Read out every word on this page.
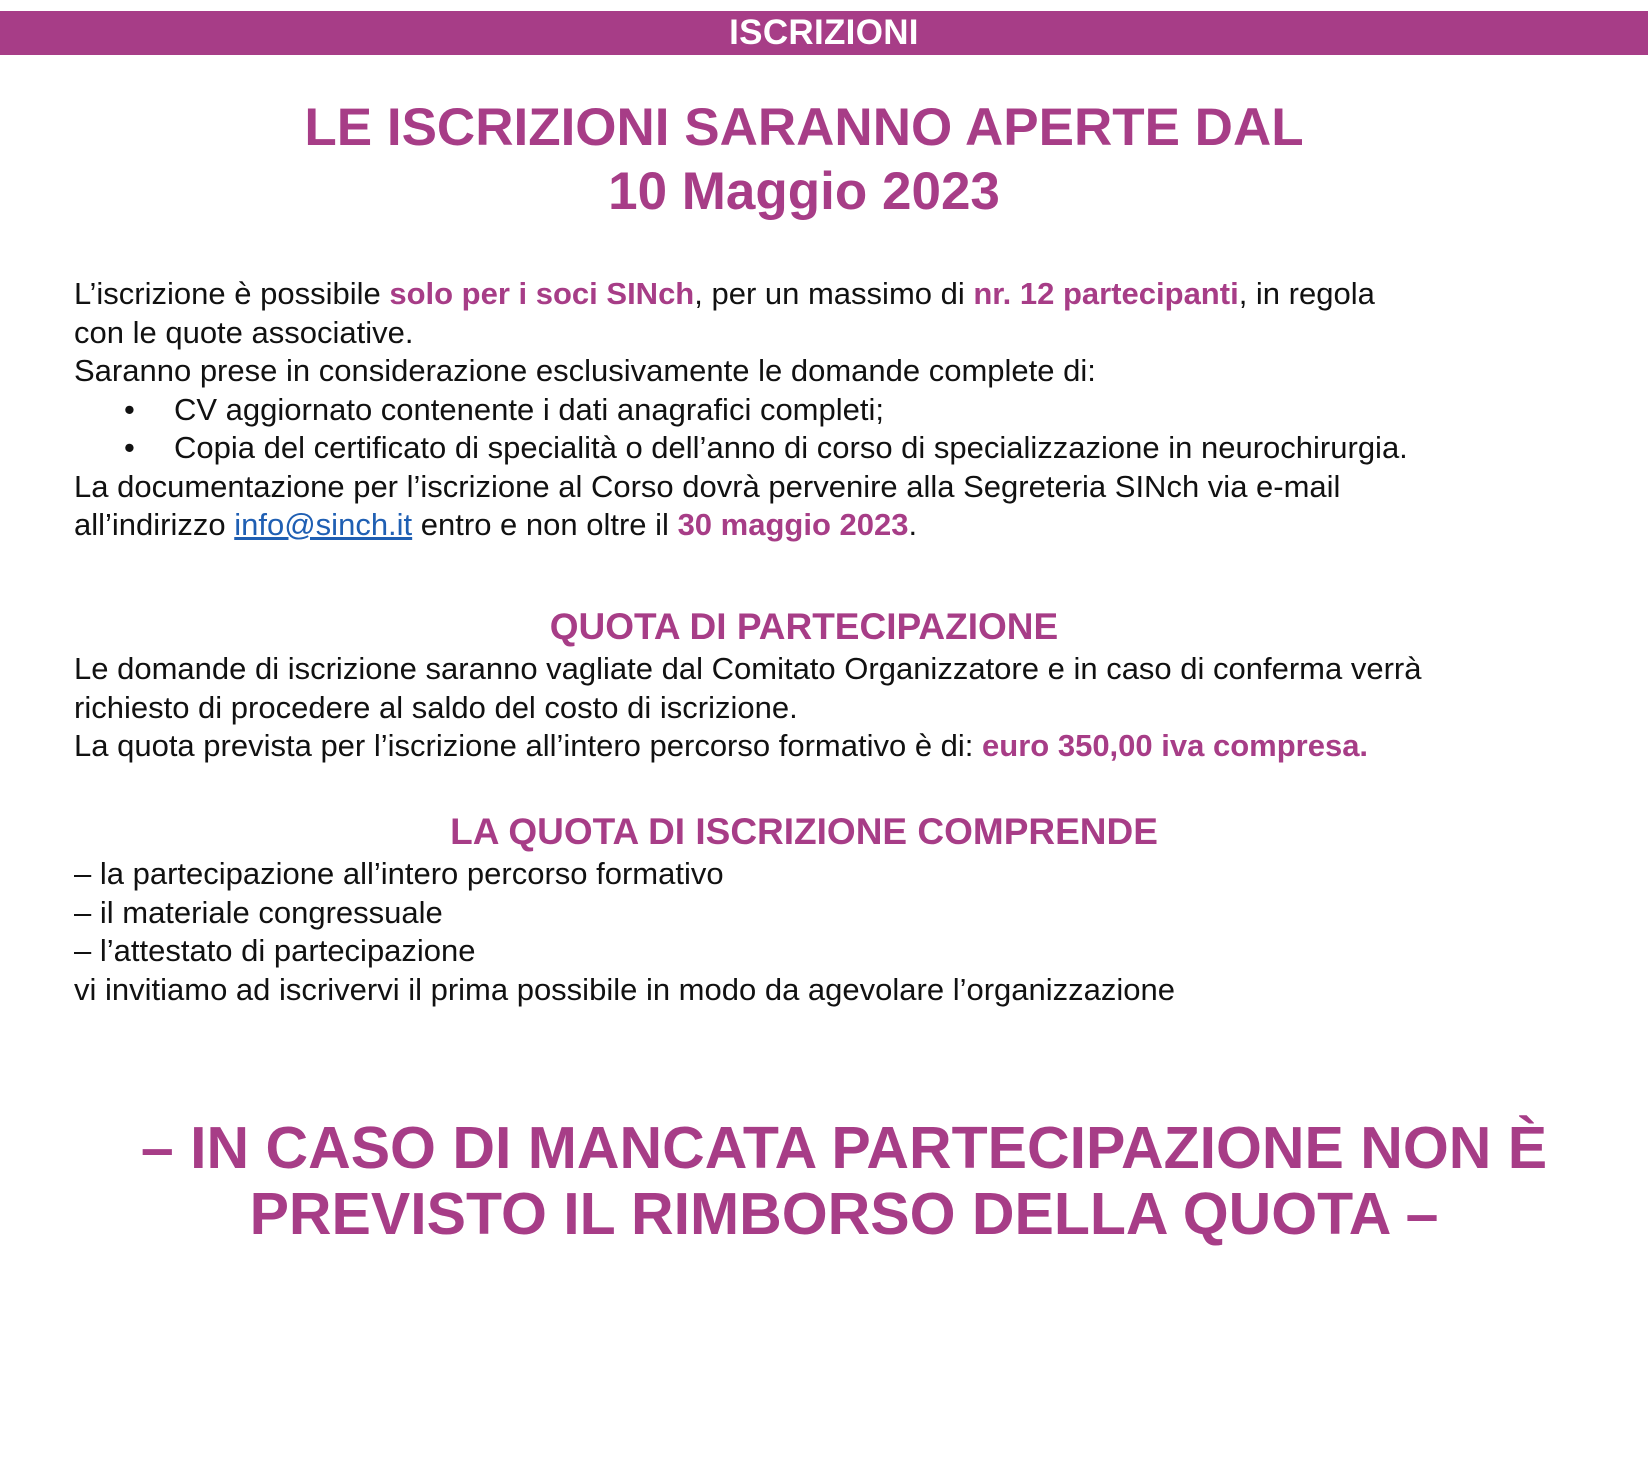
ISCRIZIONI
LE ISCRIZIONI SARANNO APERTE DAL
10 Maggio 2023

L’iscrizione è possibile solo per i soci SINch, per un massimo di nr. 12 partecipanti, in regola

con le quote associative.

Saranno prese in considerazione esclusivamente le domande complete di:

• CV aggiornato contenente i dati anagrafici completi;
• Copia del certificato di specialità o dell’anno di corso di specializzazione in neurochirurgia.

La documentazione per l’iscrizione al Corso dovrà pervenire alla Segreteria SINch via e-mail

all’indirizzo info@sinch.it entro e non oltre il 30 maggio 2023.

QUOTA DI PARTECIPAZIONE

Le domande di iscrizione saranno vagliate dal Comitato Organizzatore e in caso di conferma verrà

richiesto di procedere al saldo del costo di iscrizione.

La quota prevista per l’iscrizione all’intero percorso formativo è di: euro 350,00 iva compresa.

LA QUOTA DI ISCRIZIONE COMPRENDE

– la partecipazione all’intero percorso formativo

– il materiale congressuale

– l’attestato di partecipazione

vi invitiamo ad iscrivervi il prima possibile in modo da agevolare l’organizzazione

– IN CASO DI MANCATA PARTECIPAZIONE NON È

PREVISTO IL RIMBORSO DELLA QUOTA –
